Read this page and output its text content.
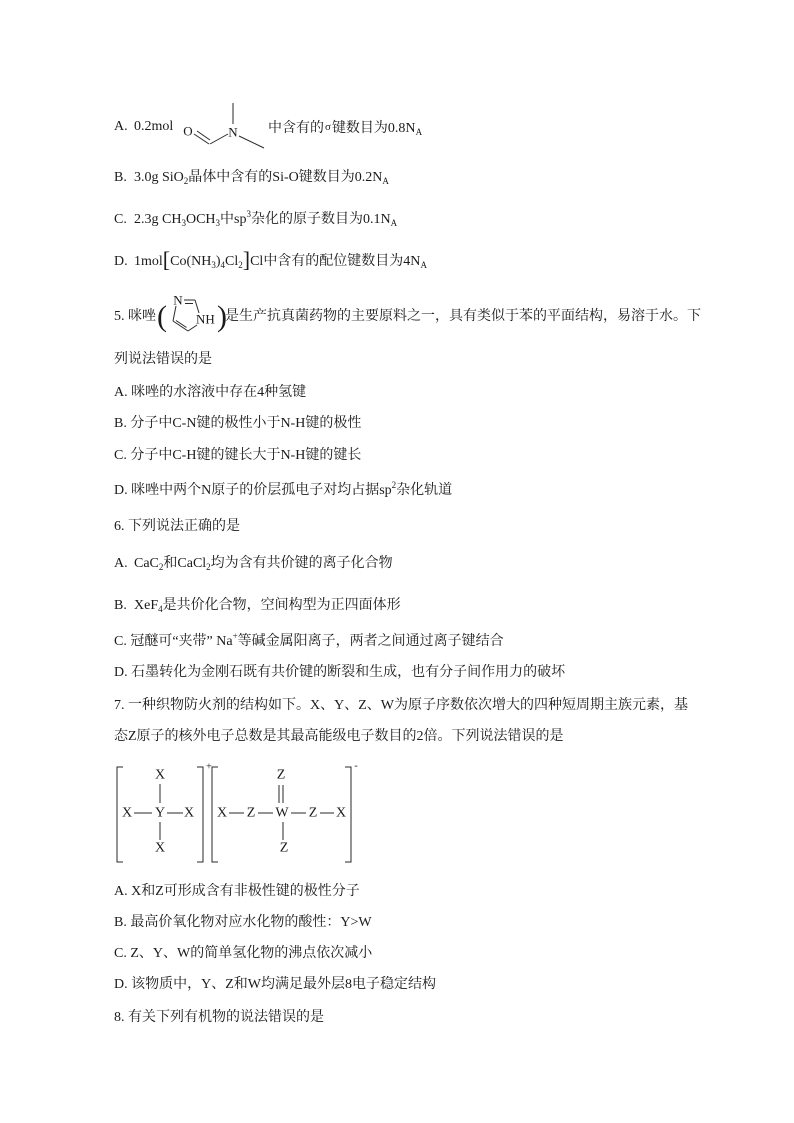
A. 0.2mol O	N 中含有的σ键数目为$0.8N_A$
B. 3.0g SiO$_2$晶体中含有的Si-O键数目为$0.2N_A$
C. 2.3g $CH_3OCH_3$中$sp^3$杂化的原子数目为$0.1N_A$
D. $1mol[Co(NH_3)_4Cl_2]Cl$中含有的配位键数目为$4N_A$
5. 咪唑 ( N
NH )
是生产抗真菌药物的主要原料之一，具有类似于苯的平面结构，易溶于水。下
列说法错误的是
A. 咪唑的水溶液中存在4种氢键
B. 分子中C-N键的极性小于N-H键的极性
C. 分子中C-H键的键长大于N-H键的键长
D. 咪唑中两个N原子的价层孤电子对均占据$sp^2$杂化轨道
6. 下列说法正确的是
A. CaC$_2$和CaCl$_2$均为含有共价键的离子化合物
B. XeF$_4$是共价化合物，空间构型为正四面体形
C. 冠醚可“夹带” Na+等碱金属阳离子，两者之间通过离子键结合
D. 石墨转化为金刚石既有共价键的断裂和生成，也有分子间作用力的破坏
7. 一种织物防火剂的结构如下。X、Y、Z、W为原子序数依次增大的四种短周期主族元素，基
态Z原子的核外电子总数是其最高能级电子数目的2倍。下列说法错误的是
+
X
X Y X
X
-
Z
X Z W Z X
Z
A. X和Z可形成含有非极性键的极性分子
B. 最高价氧化物对应水化物的酸性：Y>W
C. Z、Y、W的简单氢化物的沸点依次减小
D. 该物质中，Y、Z和W均满足最外层8电子稳定结构
8. 有关下列有机物的说法错误的是
